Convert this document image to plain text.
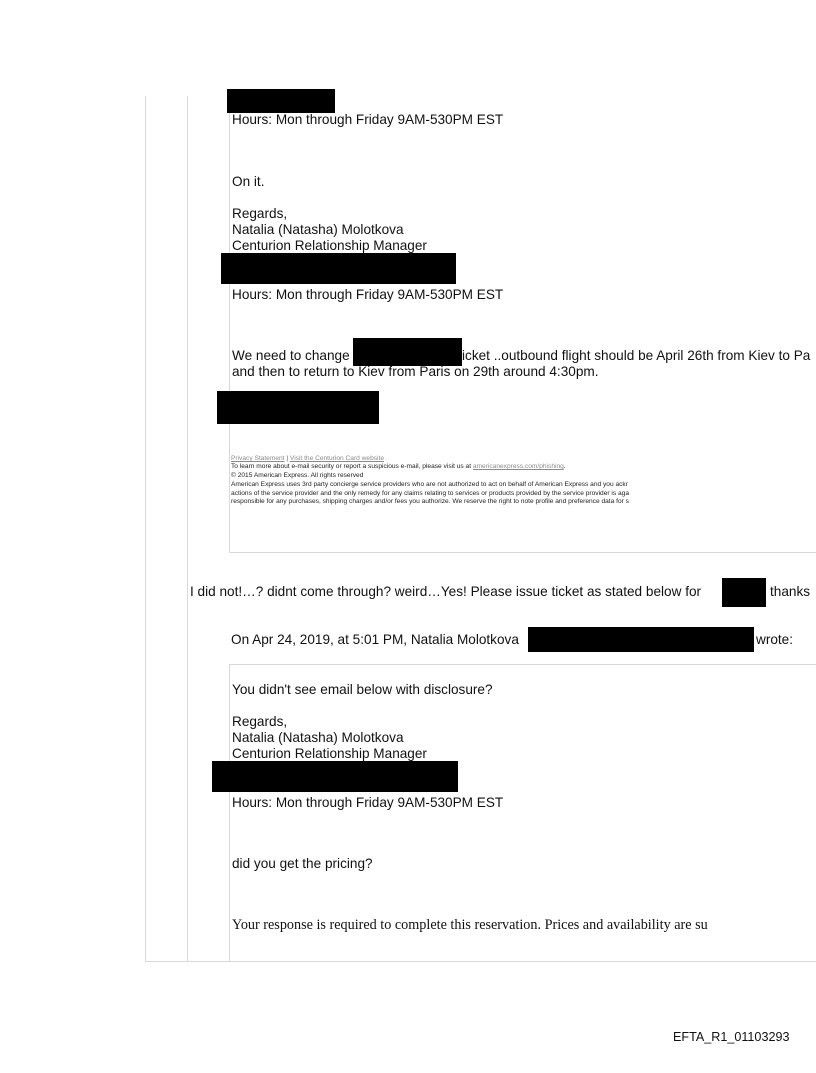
Hours: Mon through Friday 9AM-530PM EST
On it.
Regards,
Natalia (Natasha) Molotkova
Centurion Relationship Manager
Hours: Mon through Friday 9AM-530PM EST
We need to change	icket ..outbound flight should be April 26th from Kiev to Pa
and then to return to Kiev from Paris on 29th around 4:30pm.
Privacy Statement | Visit the Centurion Card website
To learn more about e-mail security or report a suspicious e-mail, please visit us at americanexpress.com/phishing.
© 2015 American Express. All rights reserved
American Express uses 3rd party concierge service providers who are not authorized to act on behalf of American Express and you ackr
actions of the service provider and the only remedy for any claims relating to services or products provided by the service provider is aga
responsible for any purchases, shipping charges and/or fees you authorize. We reserve the right to note profile and preference data for s
I did not!…? didnt come through? weird…Yes! Please issue ticket as stated below for	thanks
On Apr 24, 2019, at 5:01 PM, Natalia Molotkova	wrote:
You didn't see email below with disclosure?
Regards,
Natalia (Natasha) Molotkova
Centurion Relationship Manager
Hours: Mon through Friday 9AM-530PM EST
did you get the pricing?
Your response is required to complete this reservation. Prices and availability are su
EFTA_R1_01103293
